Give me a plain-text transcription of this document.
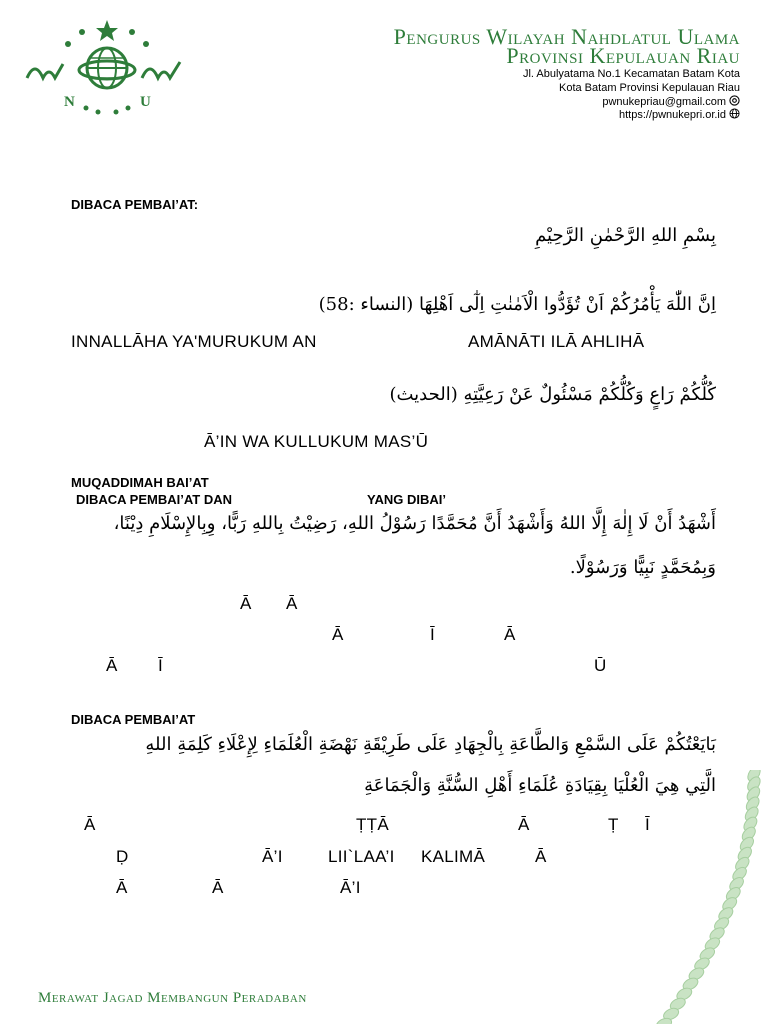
N	U
Pengurus Wilayah Nahdlatul Ulama
Provinsi Kepulauan Riau
Jl. Abulyatama No.1 Kecamatan Batam Kota
Kota Batam Provinsi Kepulauan Riau
pwnukepriau@gmail.com
https://pwnukepri.or.id
DIBACA PEMBAI’AT:
بِسْمِ اللهِ الرَّحْمٰنِ الرَّحِيْمِ
اِنَّ اللّٰهَ يَأْمُرُكُمْ اَنْ تُؤَدُّوا الْاَمٰنٰتِ اِلٰٓى اَهْلِهَا (النساء :58)
INNALLĀHA YA'MURUKUM AN	AMĀNĀTI ILĀ AHLIHĀ
كُلُّكُمْ رَاعٍ وَكُلُّكُمْ مَسْئُولٌ عَنْ رَعِيَّتِهِ (الحديث)
Ā’IN WA KULLUKUM MAS’Ū
MUQADDIMAH BAI’AT
DIBACA PEMBAI’AT DAN	YANG DIBAI’
أَشْهَدُ أَنْ لَا إِلٰهَ إِلَّا اللهُ وَأَشْهَدُ أَنَّ مُحَمَّدًا رَسُوْلُ اللهِ، رَضِيْتُ بِاللهِ رَبًّا، وِبِالإِسْلَامِ دِيْنًا،
وَبِمُحَمَّدٍ نَبِيًّا وَرَسُوْلًا.
Ā Ā
Ā	Ī	Ā
Ā Ī	Ū
DIBACA PEMBAI’AT
بَايَعْتُكُمْ عَلَى السَّمْعِ وَالطَّاعَةِ بِالْجِهَادِ عَلَى طَرِيْقَةِ نَهْضَةِ الْعُلَمَاءِ لِإِعْلَاءِ كَلِمَةِ اللهِ
الَّتِي هِيَ الْعُلْيَا بِقِيَادَةِ عُلَمَاءِ أَهْلِ السُّنَّةِ وَالْجَمَاعَةِ
Ā	ṬṬĀ	Ā	Ṭ Ī
Ḍ	Ā’I	LII`LAA’I KALIMĀ	Ā
Ā	Ā	Ā’I
Merawat Jagad Membangun Peradaban
